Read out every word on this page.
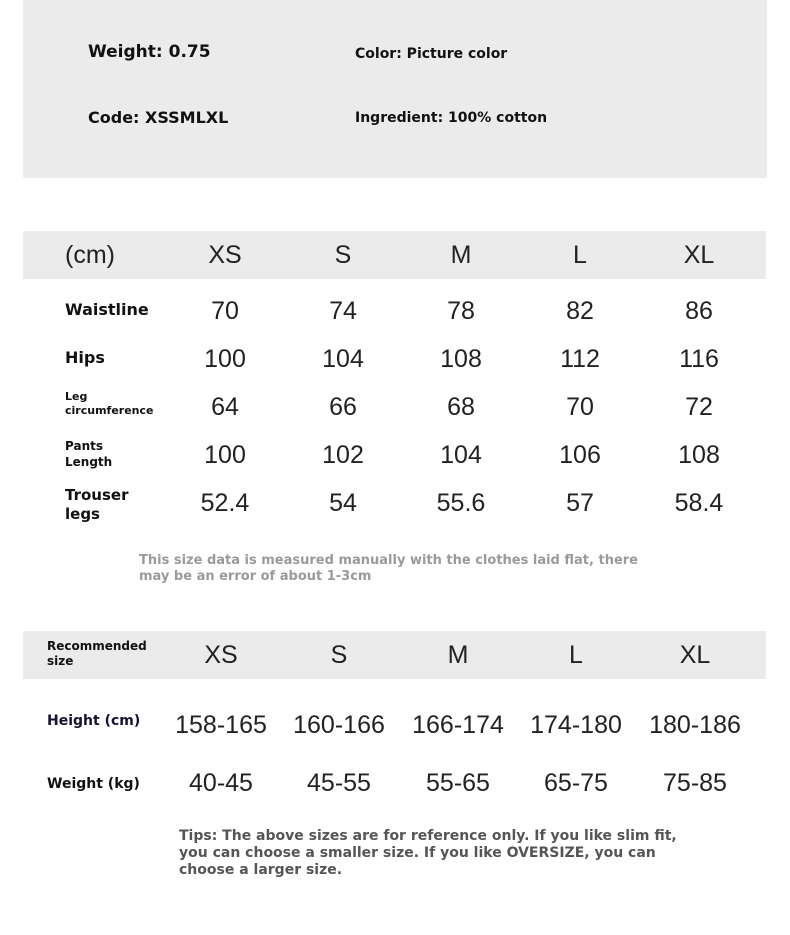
Weight: 0.75	Color: Picture color
Code: XSSMLXL	Ingredient: 100% cotton
(cm)	XS	S	M	L	XL
Waistline	70	74	78	82	86
Hips	100	104	108	112	116
Leg circumference	64	66	68	70	72
Pants Length	100	102	104	106	108
Trouser legs	52.4	54	55.6	57	58.4
This size data is measured manually with the clothes laid flat, there may be an error of about 1-3cm
Recommended size	XS	S	M	L	XL
Height (cm)	158-165	160-166	166-174	174-180	180-186
Weight (kg)	40-45	45-55	55-65	65-75	75-85
Tips: The above sizes are for reference only. If you like slim fit, you can choose a smaller size. If you like OVERSIZE, you can choose a larger size.
